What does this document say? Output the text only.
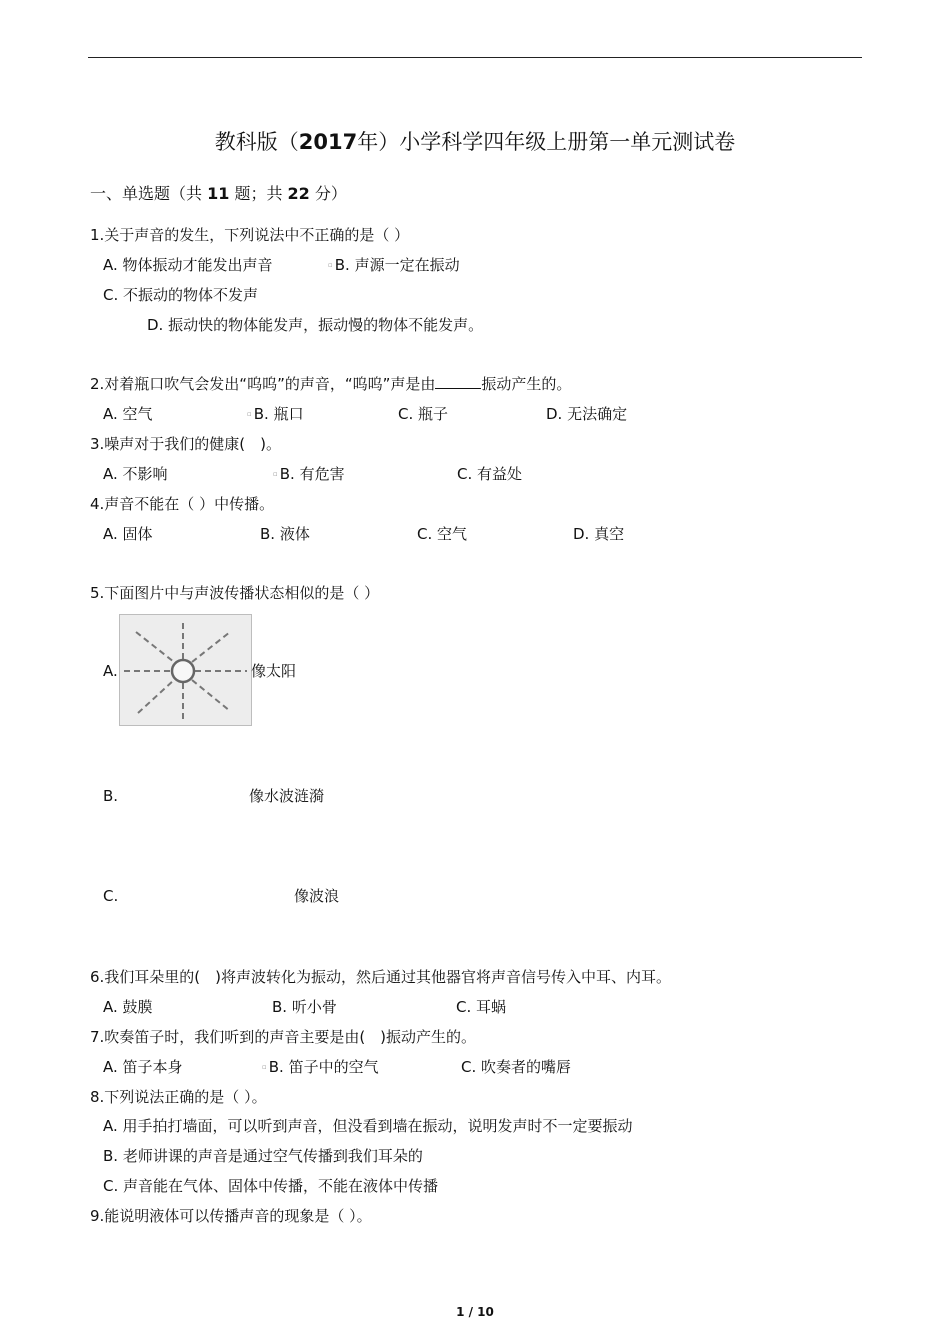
教科版（2017年）小学科学四年级上册第一单元测试卷
一、单选题（共 11 题；共 22 分）
1.关于声音的发生，下列说法中不正确的是（ ）
A. 物体振动才能发出声音	▫ B. 声源一定在振动
C. 不振动的物体不发声
D. 振动快的物体能发声，振动慢的物体不能发声。
2.对着瓶口吹气会发出“呜呜”的声音，“呜呜”声是由	振动产生的。
A. 空气	▫ B. 瓶口	C. 瓶子	D. 无法确定
3.噪声对于我们的健康(　)。
A. 不影响	▫ B. 有危害	C. 有益处
4.声音不能在（ ）中传播。
A. 固体	B. 液体	C. 空气	D. 真空
5.下面图片中与声波传播状态相似的是（ ）
A.	像太阳
B.	像水波涟漪
C.	像波浪
6.我们耳朵里的(　)将声波转化为振动，然后通过其他器官将声音信号传入中耳、内耳。
A. 鼓膜	B. 听小骨	C. 耳蜗
7.吹奏笛子时，我们听到的声音主要是由(　)振动产生的。
A. 笛子本身	▫ B. 笛子中的空气	C. 吹奏者的嘴唇
8.下列说法正确的是（ ）。
A. 用手拍打墙面，可以听到声音，但没看到墙在振动，说明发声时不一定要振动
B. 老师讲课的声音是通过空气传播到我们耳朵的
C. 声音能在气体、固体中传播，不能在液体中传播
9.能说明液体可以传播声音的现象是（ ）。
1 / 10
